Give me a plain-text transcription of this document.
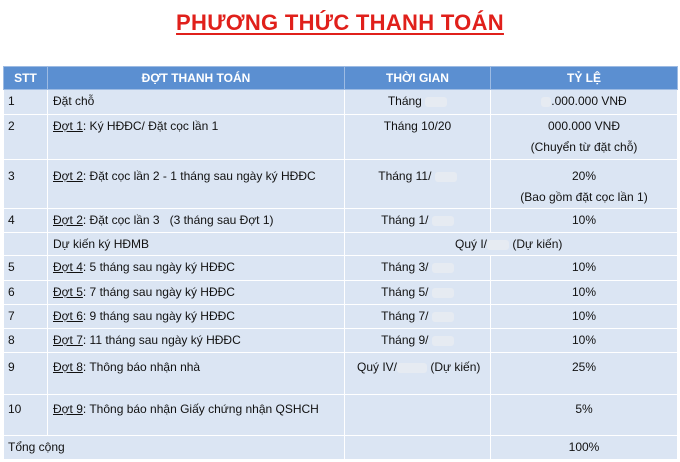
PHƯƠNG THỨC THANH TOÁN
STT	ĐỢT THANH TOÁN	THỜI GIAN	TỶ LỆ
1	Đặt chỗ	Tháng	.000.000 VNĐ
2	Đợt 1: Ký HĐĐC/ Đặt cọc lần 1	Tháng 10/20	000.000 VNĐ
(Chuyển từ đặt chỗ)

3	Đợt 2: Đặt cọc lần 2 - 1 tháng sau ngày ký HĐĐC	Tháng 11/	20%
(Bao gồm đặt cọc lần 1)

4	Đợt 2: Đặt cọc lần 3   (3 tháng sau Đợt 1)	Tháng 1/	10%
	Dự kiến ký HĐMB	Quý I/ (Dự kiến)	
5	Đợt 4: 5 tháng sau ngày ký HĐĐC	Tháng 3/	10%
6	Đợt 5: 7 tháng sau ngày ký HĐĐC	Tháng 5/	10%
7	Đợt 6: 9 tháng sau ngày ký HĐĐC	Tháng 7/	10%
8	Đợt 7: 11 tháng sau ngày ký HĐĐC	Tháng 9/	10%
9	Đợt 8: Thông báo nhận nhà	Quý IV/ (Dự kiến)	25%
10	Đợt 9: Thông báo nhận Giấy chứng nhận QSHCH		5%
Tổng cộng			100%
